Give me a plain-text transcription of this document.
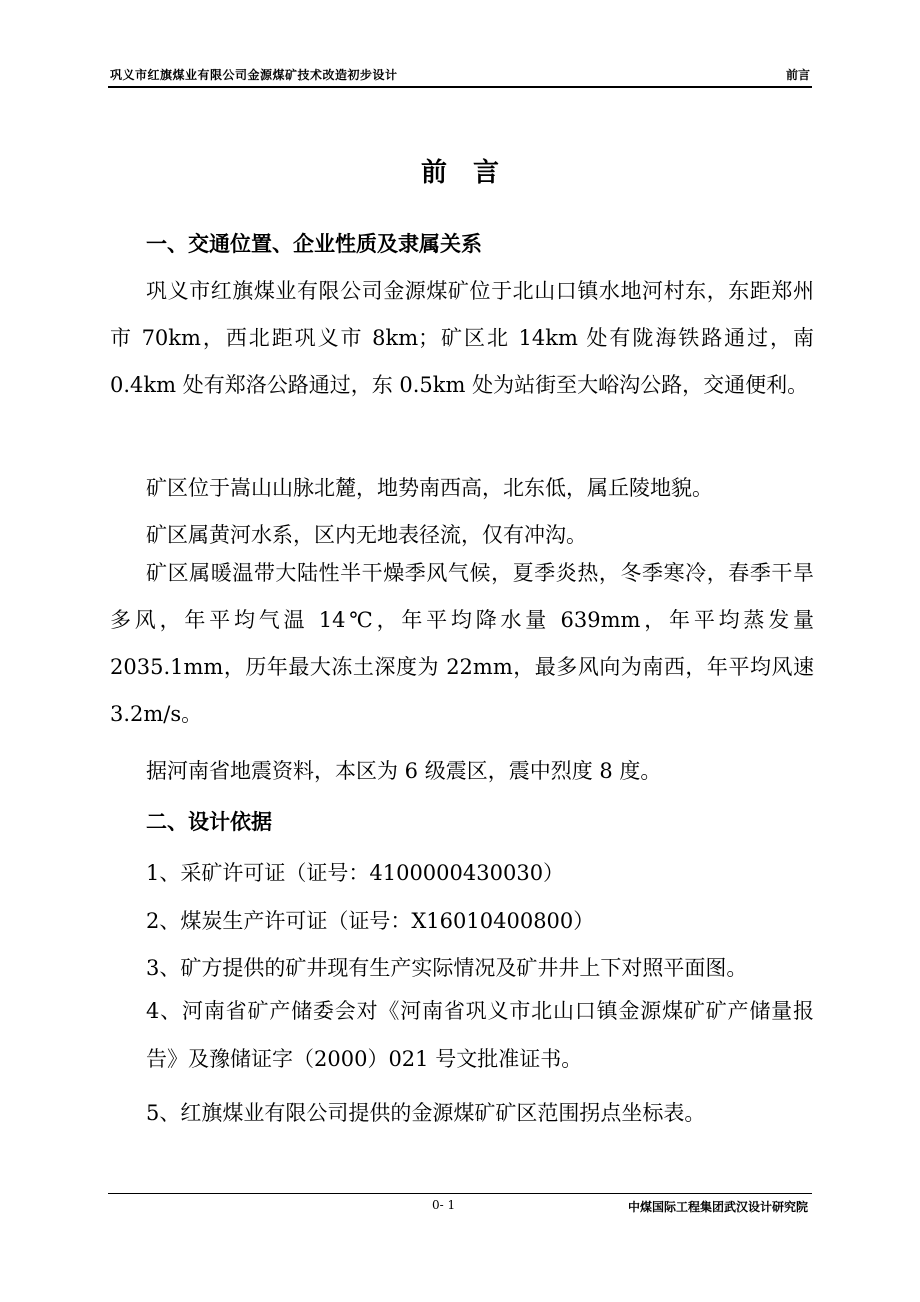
巩义市红旗煤业有限公司金源煤矿技术改造初步设计	前言
前言
一、交通位置、企业性质及隶属关系
巩义市红旗煤业有限公司金源煤矿位于北山口镇水地河村东，东距郑州市 70km，西北距巩义市 8km；矿区北 14km 处有陇海铁路通过，南 0.4km 处有郑洛公路通过，东 0.5km 处为站街至大峪沟公路，交通便利。
矿区位于嵩山山脉北麓，地势南西高，北东低，属丘陵地貌。
矿区属黄河水系，区内无地表径流，仅有冲沟。
矿区属暖温带大陆性半干燥季风气候，夏季炎热，冬季寒冷，春季干旱多风，年平均气温 14℃，年平均降水量 639mm，年平均蒸发量 2035.1mm，历年最大冻土深度为 22mm，最多风向为南西，年平均风速 3.2m/s。
据河南省地震资料，本区为 6 级震区，震中烈度 8 度。
二、设计依据
1、采矿许可证（证号：4100000430030）
2、煤炭生产许可证（证号：X16010400800）
3、矿方提供的矿井现有生产实际情况及矿井井上下对照平面图。
4、河南省矿产储委会对《河南省巩义市北山口镇金源煤矿矿产储量报告》及豫储证字（2000）021 号文批准证书。
5、红旗煤业有限公司提供的金源煤矿矿区范围拐点坐标表。
0- 1	中煤国际工程集团武汉设计研究院
